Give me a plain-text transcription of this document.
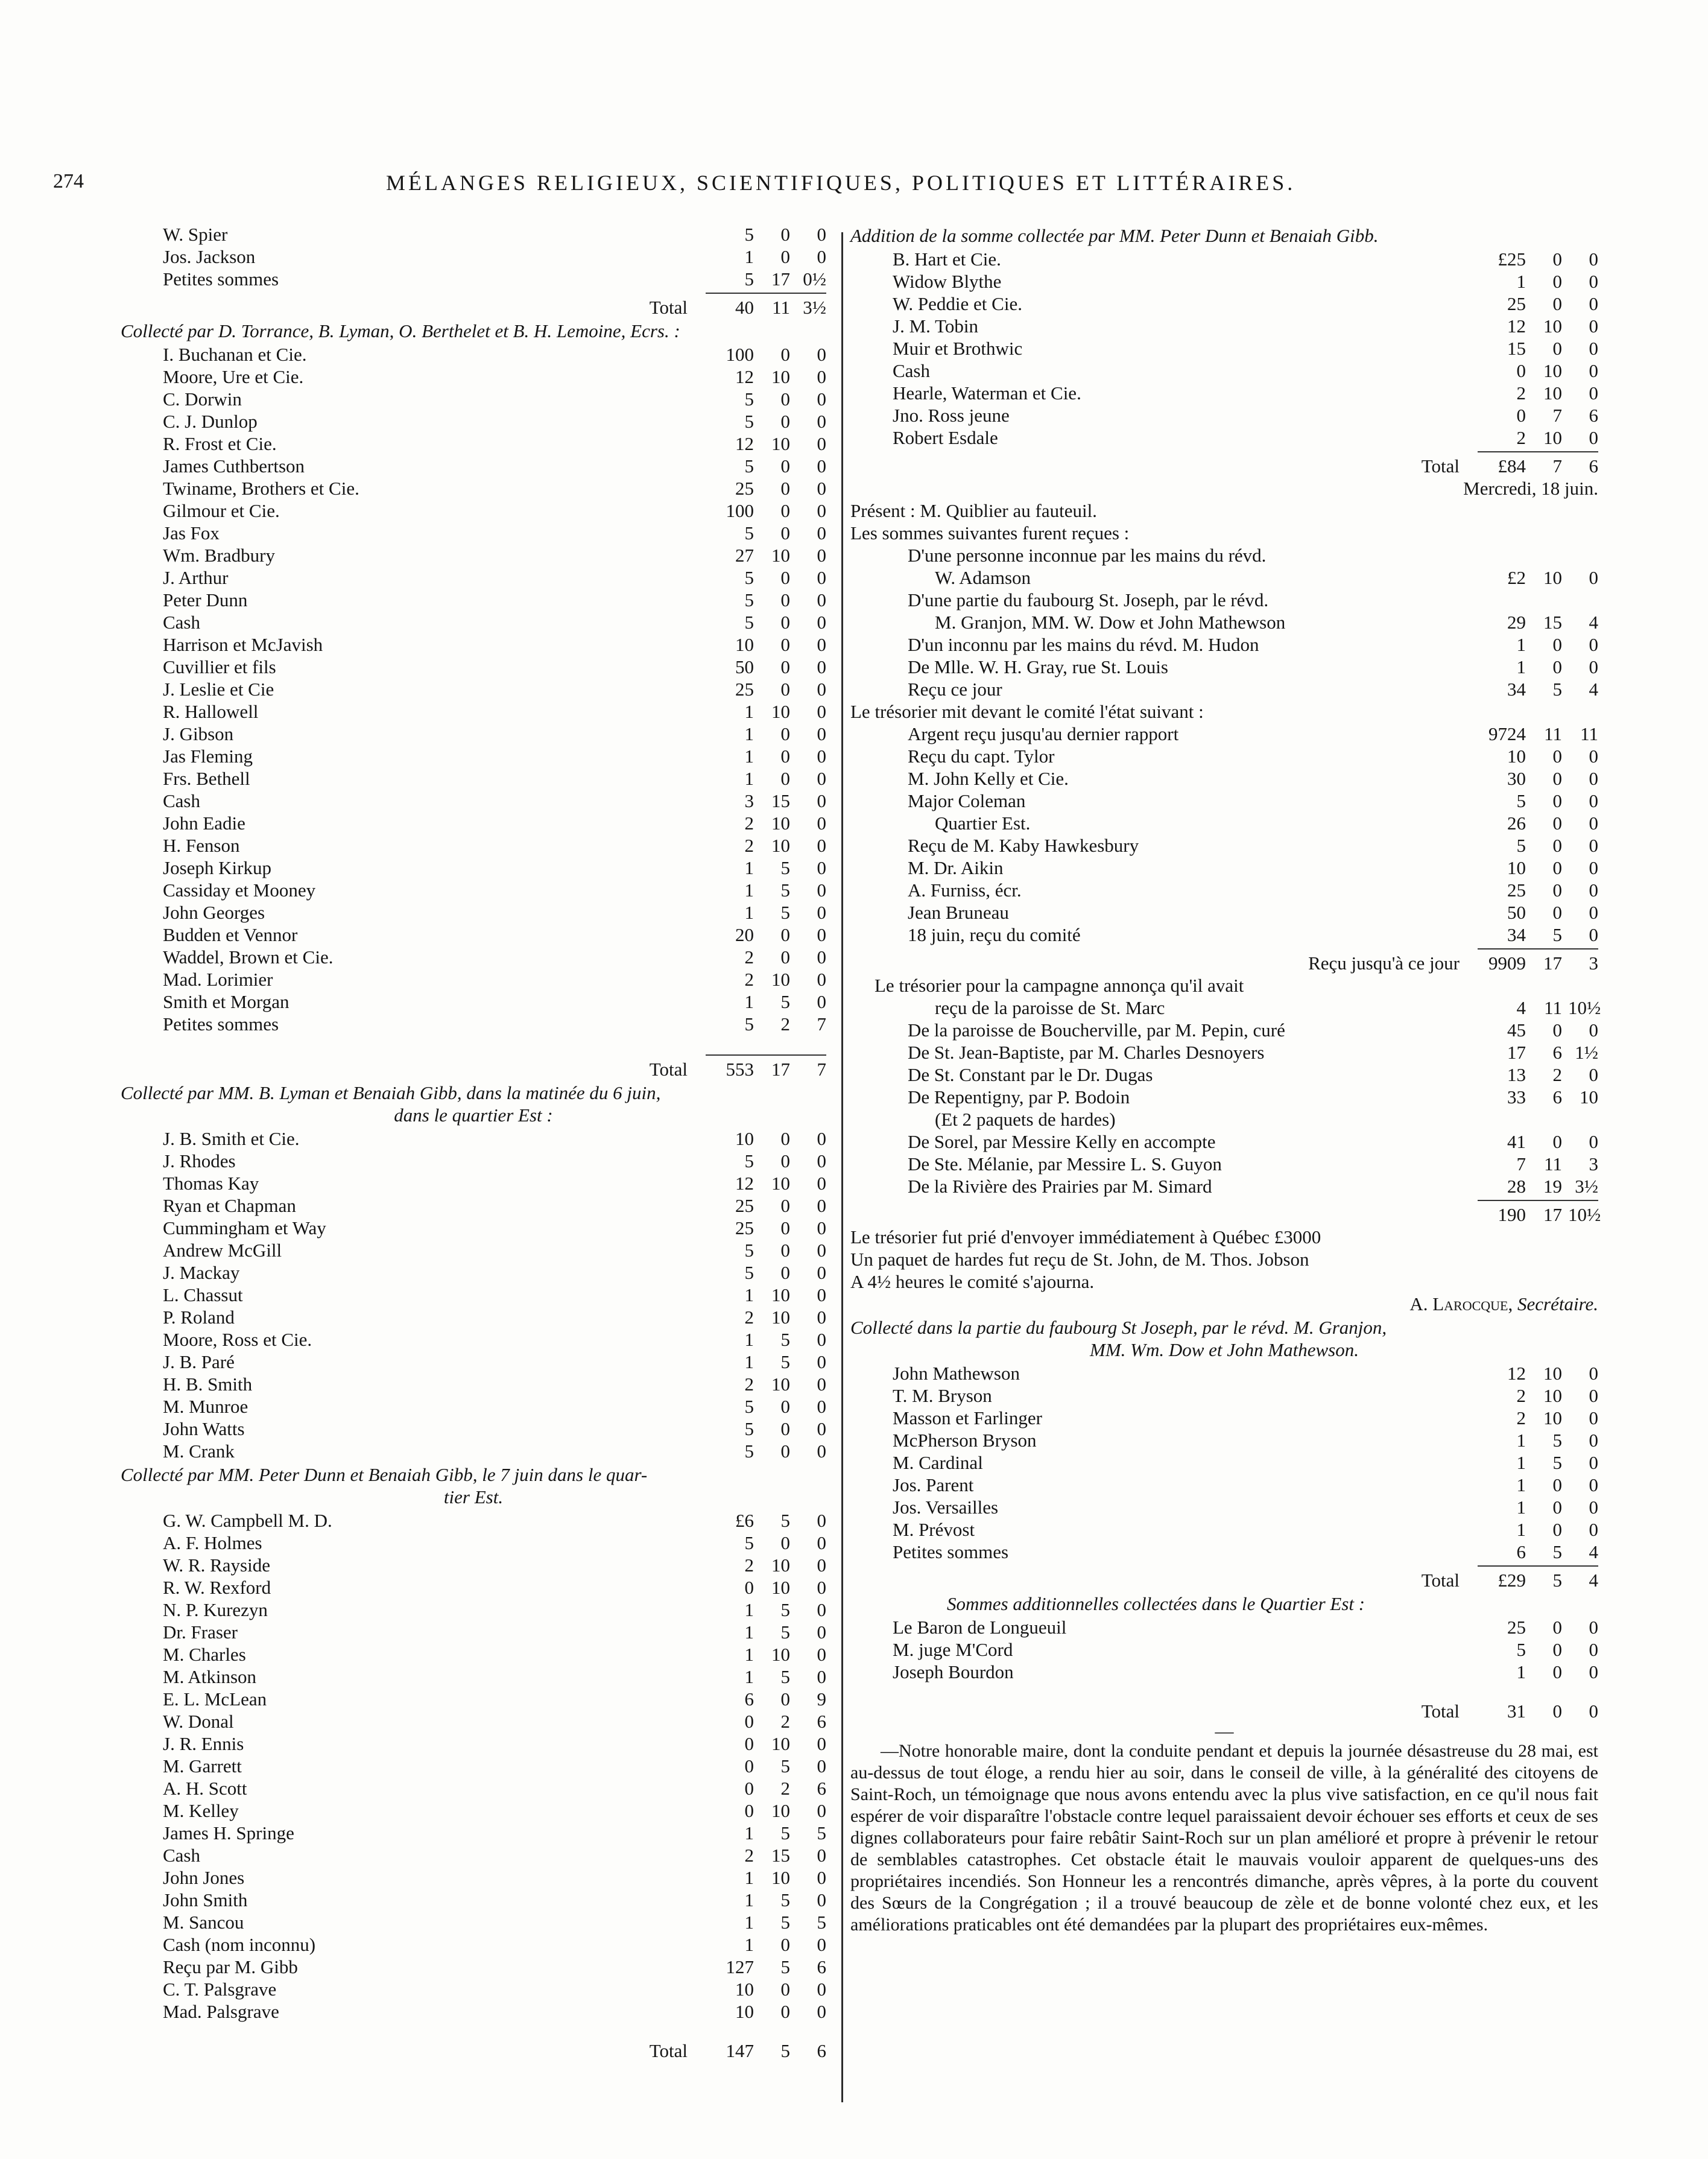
274	MÉLANGES RELIGIEUX, SCIENTIFIQUES, POLITIQUES ET LITTÉRAIRES.
W. Spier	5	0	0
Jos. Jackson	1	0	0
Petites sommes	5 17 0½
Total	40 11 3½
Collecté par D. Torrance, B. Lyman, O. Berthelet et B. H. Lemoine, Ecrs. :
I. Buchanan et Cie.	100	0	0
Moore, Ure et Cie.	12 10	0
C. Dorwin	5	0	0
C. J. Dunlop	5	0	0
R. Frost et Cie.	12 10	0
James Cuthbertson	5	0	0
Twiname, Brothers et Cie.	25	0	0
Gilmour et Cie.	100	0	0
Jas Fox	5	0	0
Wm. Bradbury	27 10	0
J. Arthur	5	0	0
Peter Dunn	5	0	0
Cash	5	0	0
Harrison et McJavish	10	0	0
Cuvillier et fils	50	0	0
J. Leslie et Cie	25	0	0
R. Hallowell	1 10	0
J. Gibson	1	0	0
Jas Fleming	1	0	0
Frs. Bethell	1	0	0
Cash	3 15	0
John Eadie	2 10	0
H. Fenson	2 10	0
Joseph Kirkup	1	5	0
Cassiday et Mooney	1	5	0
John Georges	1	5	0
Budden et Vennor	20	0	0
Waddel, Brown et Cie.	2	0	0
Mad. Lorimier	2 10	0
Smith et Morgan	1	5	0
Petites sommes	5	2	7
Total	553 17	7
Collecté par MM. B. Lyman et Benaiah Gibb, dans la matinée du 6 juin,
dans le quartier Est :
J. B. Smith et Cie.	10	0	0
J. Rhodes	5	0	0
Thomas Kay	12 10	0
Ryan et Chapman	25	0	0
Cummingham et Way	25	0	0
Andrew McGill	5	0	0
J. Mackay	5	0	0
L. Chassut	1 10	0
P. Roland	2 10	0
Moore, Ross et Cie.	1	5	0
J. B. Paré	1	5	0
H. B. Smith	2 10	0
M. Munroe	5	0	0
John Watts	5	0	0
M. Crank	5	0	0
Collecté par MM. Peter Dunn et Benaiah Gibb, le 7 juin dans le quar-
tier Est.
G. W. Campbell M. D.	£6	5	0
A. F. Holmes	5	0	0
W. R. Rayside	2 10	0
R. W. Rexford	0 10	0
N. P. Kurezyn	1	5	0
Dr. Fraser	1	5	0
M. Charles	1 10	0
M. Atkinson	1	5	0
E. L. McLean	6	0	9
W. Donal	0	2	6
J. R. Ennis	0 10	0
M. Garrett	0	5	0
A. H. Scott	0	2	6
M. Kelley	0 10	0
James H. Springe	1	5	5
Cash	2 15	0
John Jones	1 10	0
John Smith	1	5	0
M. Sancou	1	5	5
Cash (nom inconnu)	1	0	0
Reçu par M. Gibb	127	5	6
C. T. Palsgrave	10	0	0
Mad. Palsgrave	10	0	0
Total	147	5	6
Addition de la somme collectée par MM. Peter Dunn et Benaiah Gibb.
B. Hart et Cie.	£25	0	0
Widow Blythe	1	0	0
W. Peddie et Cie.	25	0	0
J. M. Tobin	12 10	0
Muir et Brothwic	15	0	0
Cash	0 10	0
Hearle, Waterman et Cie.	2 10	0
Jno. Ross jeune	0	7	6
Robert Esdale	2 10	0
Total	£84	7	6
Mercredi, 18 juin.
Présent : M. Quiblier au fauteuil.
Les sommes suivantes furent reçues :
D'une personne inconnue par les mains du révd.
W. Adamson	£2 10	0
D'une partie du faubourg St. Joseph, par le révd.
M. Granjon, MM. W. Dow et John Mathewson	29 15	4
D'un inconnu par les mains du révd. M. Hudon	1	0	0
De Mlle. W. H. Gray, rue St. Louis	1	0	0
Reçu ce jour	34	5	4
Le trésorier mit devant le comité l'état suivant :
Argent reçu jusqu'au dernier rapport	9724 11 11
Reçu du capt. Tylor	10	0	0
M. John Kelly et Cie.	30	0	0
Major Coleman	5	0	0
Quartier Est.	26	0	0
Reçu de M. Kaby Hawkesbury	5	0	0
M. Dr. Aikin	10	0	0
A. Furniss, écr.	25	0	0
Jean Bruneau	50	0	0
18 juin, reçu du comité	34	5	0
Reçu jusqu'à ce jour	9909 17	3
Le trésorier pour la campagne annonça qu'il avait
reçu de la paroisse de St. Marc	4 11 10½
De la paroisse de Boucherville, par M. Pepin, curé	45	0	0
De St. Jean-Baptiste, par M. Charles Desnoyers	17	6 1½
De St. Constant par le Dr. Dugas	13	2	0
De Repentigny, par P. Bodoin	33	6 10
(Et 2 paquets de hardes)
De Sorel, par Messire Kelly en accompte	41	0	0
De Ste. Mélanie, par Messire L. S. Guyon	7 11	3
De la Rivière des Prairies par M. Simard	28 19 3½
190 17 10½
Le trésorier fut prié d'envoyer immédiatement à Québec £3000
Un paquet de hardes fut reçu de St. John, de M. Thos. Jobson
A 4½ heures le comité s'ajourna.
A. Larocque, Secrétaire.
Collecté dans la partie du faubourg St Joseph, par le révd. M. Granjon,
MM. Wm. Dow et John Mathewson.
John Mathewson	12 10	0
T. M. Bryson	2 10	0
Masson et Farlinger	2 10	0
McPherson Bryson	1	5	0
M. Cardinal	1	5	0
Jos. Parent	1	0	0
Jos. Versailles	1	0	0
M. Prévost	1	0	0
Petites sommes	6	5	4
Total	£29	5	4
Sommes additionnelles collectées dans le Quartier Est :
Le Baron de Longueuil	25	0	0
M. juge M'Cord	5	0	0
Joseph Bourdon	1	0	0
Total	31	0	0
—
—Notre honorable maire, dont la conduite pendant et depuis la journée désastreuse du 28 mai, est au-dessus de tout éloge, a rendu hier au soir, dans le conseil de ville, à la généralité des citoyens de Saint-Roch, un témoignage que nous avons entendu avec la plus vive satisfaction, en ce qu'il nous fait espérer de voir disparaître l'obstacle contre lequel paraissaient devoir échouer ses efforts et ceux de ses dignes collaborateurs pour faire rebâtir Saint-Roch sur un plan amélioré et propre à prévenir le retour de semblables catastrophes. Cet obstacle était le mauvais vouloir apparent de quelques-uns des propriétaires incendiés. Son Honneur les a rencontrés dimanche, après vêpres, à la porte du couvent des Sœurs de la Congrégation ; il a trouvé beaucoup de zèle et de bonne volonté chez eux, et les améliorations praticables ont été demandées par la plupart des propriétaires eux-mêmes.
